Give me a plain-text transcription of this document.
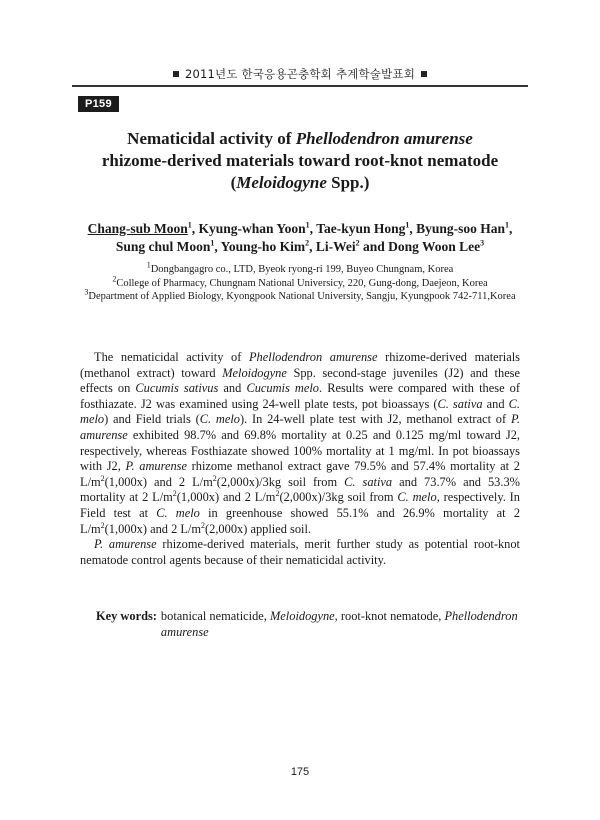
2011년도 한국응용곤충학회 추계학술발표회
P159
Nematicidal activity of Phellodendron amurense
rhizome-derived materials toward root-knot nematode
(Meloidogyne Spp.)
Chang-sub Moon$^1$, Kyung-whan Yoon$^1$, Tae-kyun Hong$^1$, Byung-soo Han$^1$,
Sung chul Moon$^1$, Young-ho Kim$^2$, Li-Wei$^2$ and Dong Woon Lee$^3$
$^1$Dongbangagro co., LTD, Byeok ryong-ri 199, Buyeo Chungnam, Korea
$^2$College of Pharmacy, Chungnam National Universicy, 220, Gung-dong, Daejeon, Korea
$^3$Department of Applied Biology, Kyongpook National University, Sangju, Kyungpook 742-711,Korea

The nematicidal activity of Phellodendron amurense rhizome-derived materials (methanol extract) toward Meloidogyne Spp. second-stage juveniles (J2) and these effects on Cucumis sativus and Cucumis melo. Results were compared with these of fosthiazate. J2 was examined using 24-well plate tests, pot bioassays (C. sativa and C. melo) and Field trials (C. melo). In 24-well plate test with J2, methanol extract of P. amurense exhibited 98.7% and 69.8% mortality at 0.25 and 0.125 mg/ml toward J2, respectively, whereas Fosthiazate showed 100% mortality at 1 mg/ml. In pot bioassays with J2, P. amurense rhizome methanol extract gave 79.5% and 57.4% mortality at 2 $L/m^2(1,000x)$ and 2 $L/m^2(2,000x)/3kg$ soil from C. sativa and 73.7% and 53.3% mortality at 2 $L/m^2(1,000x)$ and 2 $L/m^2(2,000x)/3kg$ soil from C. melo, respectively. In Field test at C. melo in greenhouse showed 55.1% and 26.9% mortality at 2 $L/m^2(1,000x)$ and 2 $L/m^2(2,000x)$ applied soil.

P. amurense rhizome-derived materials, merit further study as potential root-knot nematode control agents because of their nematicidal activity.

Key words: botanical nematicide, Meloidogyne, root-knot nematode, Phellodendron amurense
175
